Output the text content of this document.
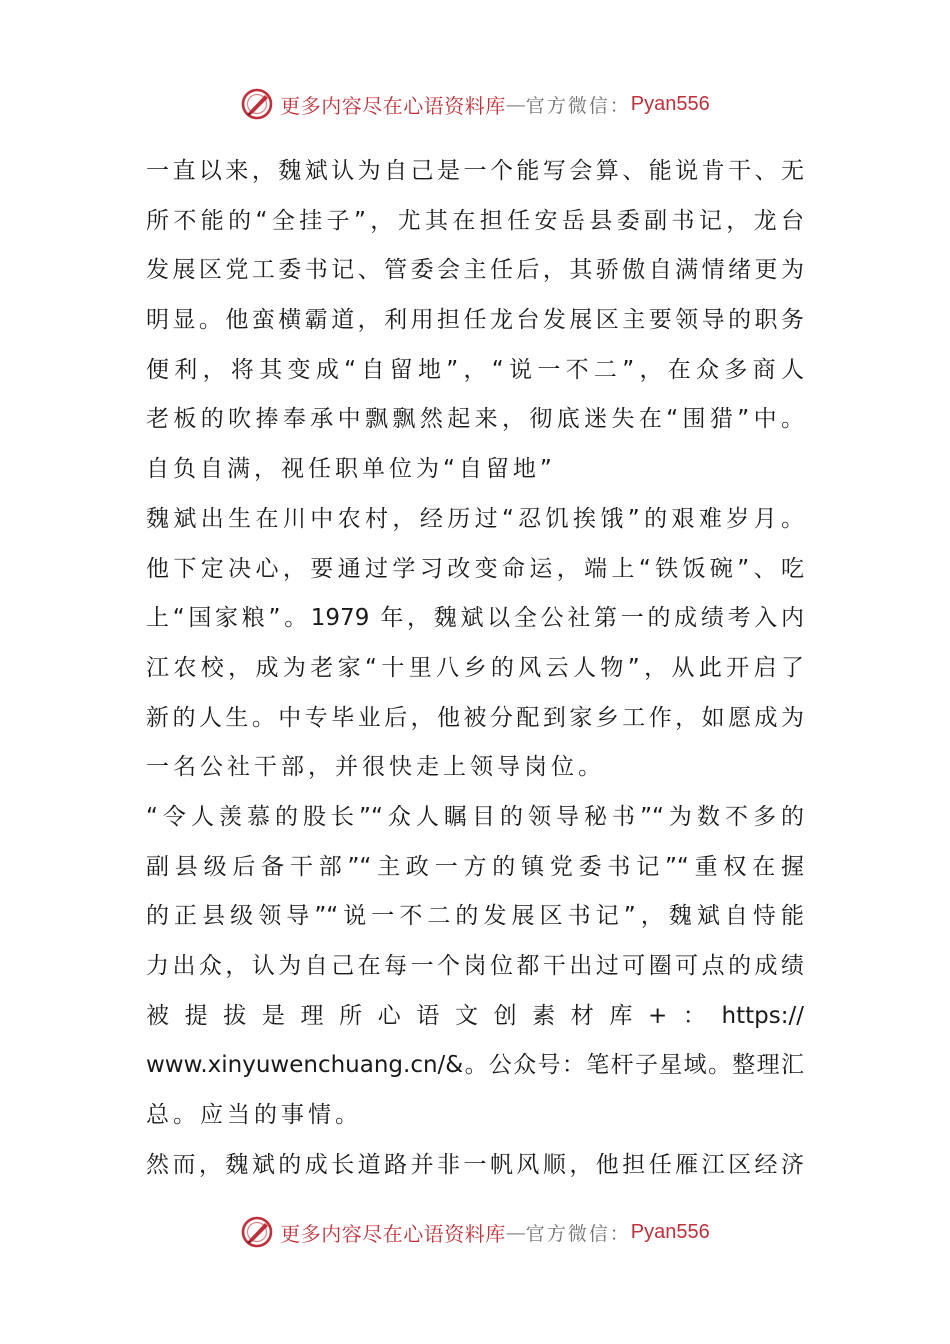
更多内容尽在心语资料库 — 官方微信： Pyan556
一直以来，魏斌认为自己是一个能写会算、能说肯干、无
所不能的“全挂子”，尤其在担任安岳县委副书记，龙台
发展区党工委书记、管委会主任后，其骄傲自满情绪更为
明显。他蛮横霸道，利用担任龙台发展区主要领导的职务
便利，将其变成“自留地”，“说一不二”，在众多商人
老板的吹捧奉承中飘飘然起来，彻底迷失在“围猎”中。
自负自满，视任职单位为“自留地”
魏斌出生在川中农村，经历过“忍饥挨饿”的艰难岁月。
他下定决心，要通过学习改变命运，端上“铁饭碗”、吃
上“国家粮”。1979 年，魏斌以全公社第一的成绩考入内
江农校，成为老家“十里八乡的风云人物”，从此开启了
新的人生。中专毕业后，他被分配到家乡工作，如愿成为
一名公社干部，并很快走上领导岗位。
“令人羡慕的股长”“众人瞩目的领导秘书”“为数不多的
副县级后备干部”“主政一方的镇党委书记”“重权在握
的正县级领导”“说一不二的发展区书记”，魏斌自恃能
力出众，认为自己在每一个岗位都干出过可圈可点的成绩
被提拔是理所心语文创素材库+：https://
www.xinyuwenchuang.cn/&。公众号：笔杆子星域。整理汇
总。应当的事情。
然而，魏斌的成长道路并非一帆风顺，他担任雁江区经济
更多内容尽在心语资料库 — 官方微信： Pyan556
